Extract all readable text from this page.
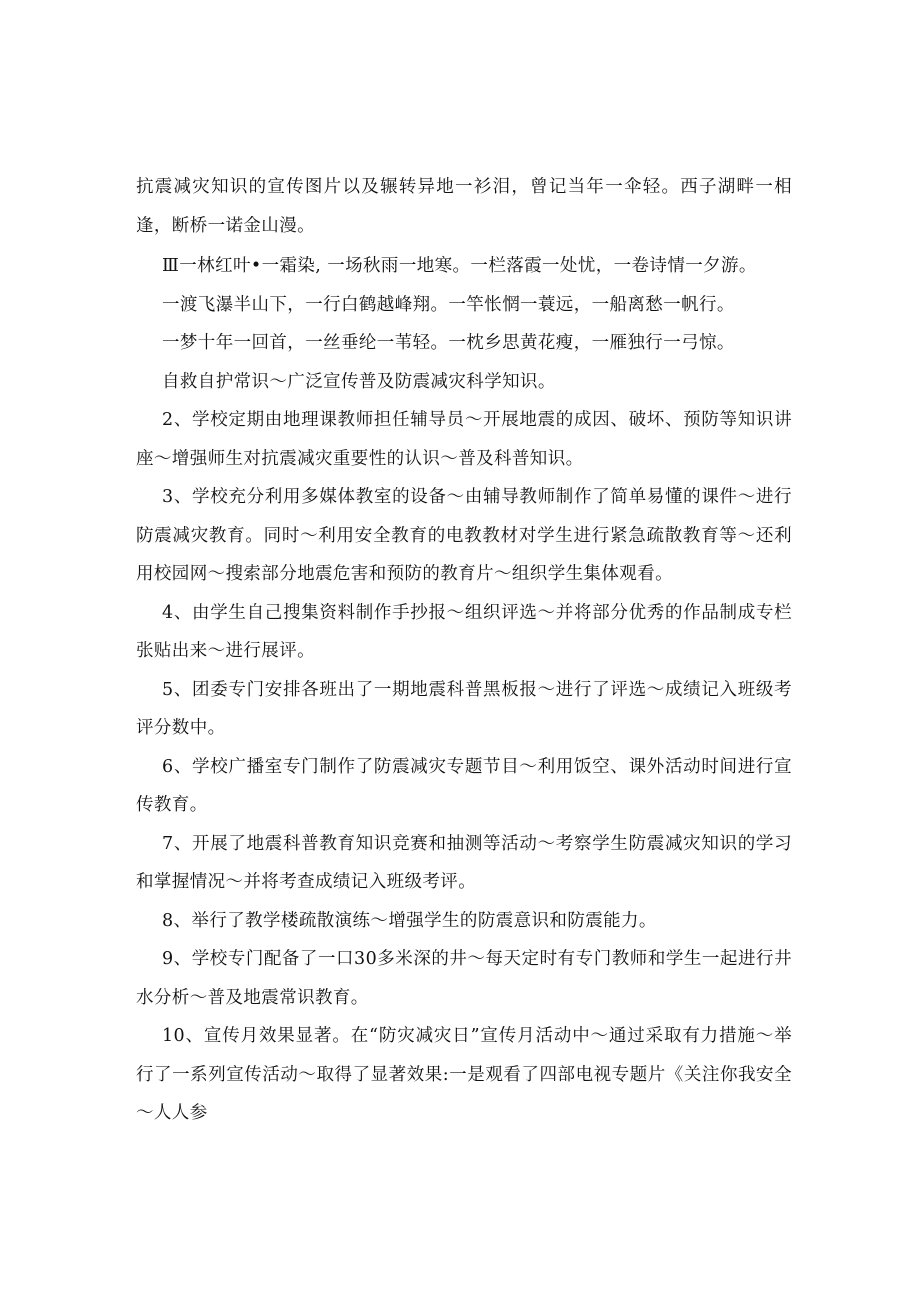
抗震减灾知识的宣传图片以及辗转异地一衫泪，曾记当年一伞轻。西子湖畔一相逢，断桥一诺金山漫。

Ⅲ一林红叶•一霜染, 一场秋雨一地寒。一栏落霞一处忧，一卷诗情一夕游。

一渡飞瀑半山下，一行白鹤越峰翔。一竿怅惘一蓑远，一船离愁一帆行。

一梦十年一回首，一丝垂纶一苇轻。一枕乡思黄花瘦，一雁独行一弓惊。

自救自护常识～广泛宣传普及防震减灾科学知识。

2、学校定期由地理课教师担任辅导员～开展地震的成因、破坏、预防等知识讲座～增强师生对抗震减灾重要性的认识～普及科普知识。

3、学校充分利用多媒体教室的设备～由辅导教师制作了简单易懂的课件～进行防震减灾教育。同时～利用安全教育的电教教材对学生进行紧急疏散教育等～还利用校园网～搜索部分地震危害和预防的教育片～组织学生集体观看。

4、由学生自己搜集资料制作手抄报～组织评选～并将部分优秀的作品制成专栏张贴出来～进行展评。

5、团委专门安排各班出了一期地震科普黑板报～进行了评选～成绩记入班级考评分数中。

6、学校广播室专门制作了防震减灾专题节目～利用饭空、课外活动时间进行宣传教育。

7、开展了地震科普教育知识竞赛和抽测等活动～考察学生防震减灾知识的学习和掌握情况～并将考查成绩记入班级考评。

8、举行了教学楼疏散演练～增强学生的防震意识和防震能力。

9、学校专门配备了一口30多米深的井～每天定时有专门教师和学生一起进行井水分析～普及地震常识教育。

10、宣传月效果显著。在“防灾减灾日”宣传月活动中～通过采取有力措施～举行了一系列宣传活动～取得了显著效果:一是观看了四部电视专题片《关注你我安全～人人参
